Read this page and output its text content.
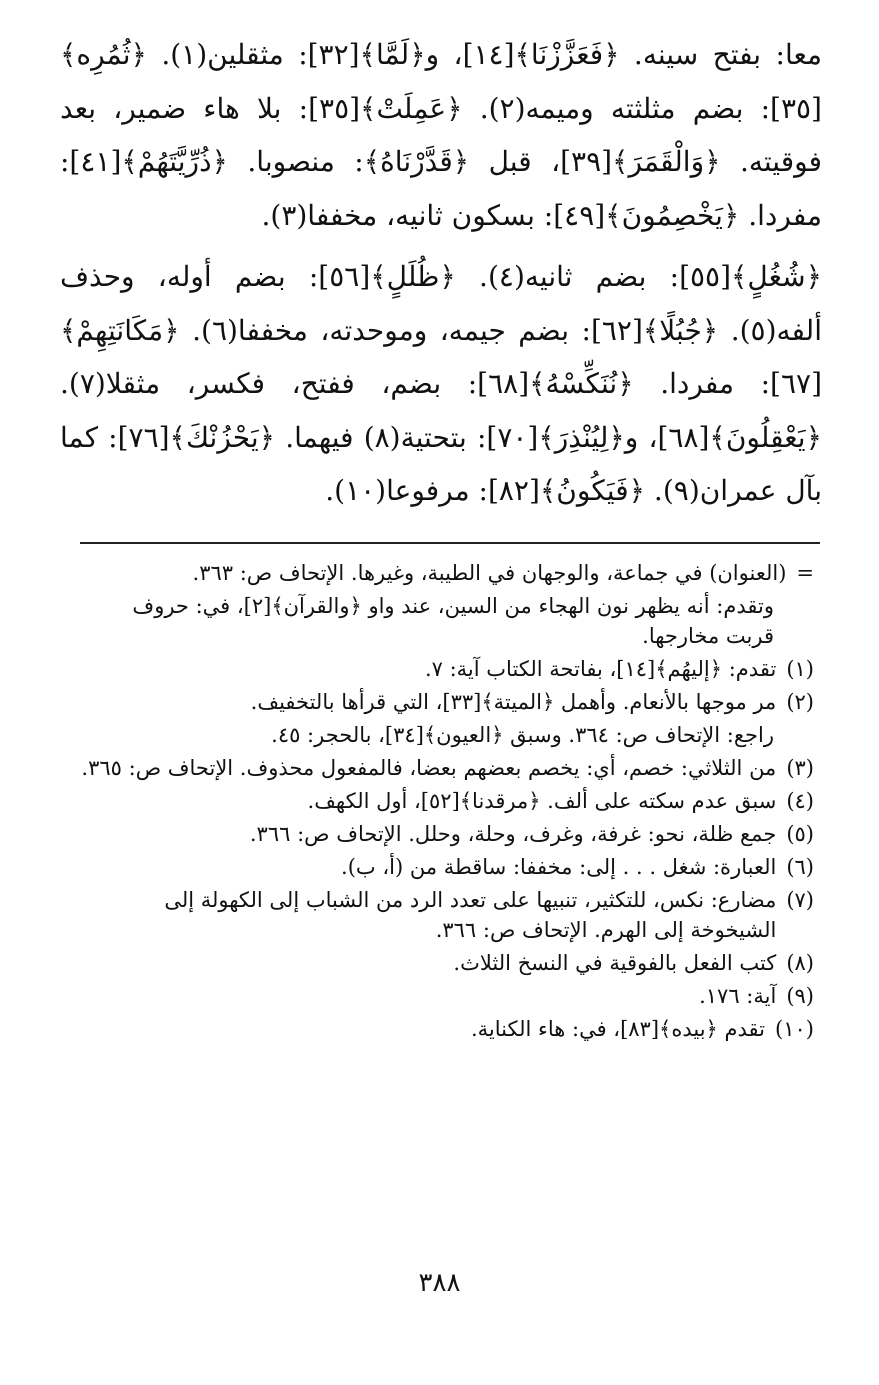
معا: بفتح سينه. ﴿فَعَزَّزْنَا﴾[١٤]، و﴿لَمَّا﴾[٣٢]: مثقلين(١). ﴿ثُمُرِه﴾[٣٥]: بضم مثلثته وميمه(٢). ﴿عَمِلَتْ﴾[٣٥]: بلا هاء ضمير، بعد فوقيته. ﴿وَالْقَمَرَ﴾[٣٩]، قبل ﴿قَدَّرْنَاهُ﴾: منصوبا. ﴿ذُرِّيَّتَهُمْ﴾[٤١]: مفردا. ﴿يَخْصِمُونَ﴾[٤٩]: بسكون ثانيه، مخففا(٣).

﴿شُغُلٍ﴾[٥٥]: بضم ثانيه(٤). ﴿ظُلَلٍ﴾[٥٦]: بضم أوله، وحذف ألفه(٥). ﴿جُبُلًا﴾[٦٢]: بضم جيمه، وموحدته، مخففا(٦). ﴿مَكَانَتِهِمْ﴾[٦٧]: مفردا. ﴿نُنَكِّسْهُ﴾[٦٨]: بضم، ففتح، فكسر، مثقلا(٧). ﴿يَعْقِلُونَ﴾[٦٨]، و﴿لِيُنْذِرَ﴾[٧٠]: بتحتية(٨) فيهما. ﴿يَحْزُنْكَ﴾[٧٦]: كما بآل عمران(٩). ﴿فَيَكُونُ﴾[٨٢]: مرفوعا(١٠).

=
(العنوان) في جماعة، والوجهان في الطيبة، وغيرها. الإتحاف ص: ٣٦٣.
وتقدم: أنه يظهر نون الهجاء من السين، عند واو ﴿والقرآن﴾[٢]، في: حروف قربت مخارجها.
(١)
تقدم: ﴿إليهُم﴾[١٤]، بفاتحة الكتاب آية: ٧.
(٢)
مر موجها بالأنعام. وأهمل ﴿الميتة﴾[٣٣]، التي قرأها بالتخفيف.
راجع: الإتحاف ص: ٣٦٤. وسبق ﴿العيون﴾[٣٤]، بالحجر: ٤٥.
(٣)
من الثلاثي: خصم، أي: يخصم بعضهم بعضا، فالمفعول محذوف. الإتحاف ص: ٣٦٥.
(٤)
سبق عدم سكته على ألف. ﴿مرقدنا﴾[٥٢]، أول الكهف.
(٥)
جمع ظلة، نحو: غرفة، وغرف، وحلة، وحلل. الإتحاف ص: ٣٦٦.
(٦)
العبارة: شغل . . . إلى: مخففا: ساقطة من (أ، ب).
(٧)
مضارع: نكس، للتكثير، تنبيها على تعدد الرد من الشباب إلى الكهولة إلى الشيخوخة إلى الهرم. الإتحاف ص: ٣٦٦.
(٨)
كتب الفعل بالفوقية في النسخ الثلاث.
(٩)
آية: ١٧٦.
(١٠)
تقدم ﴿بيده﴾[٨٣]، في: هاء الكناية.
٣٨٨
